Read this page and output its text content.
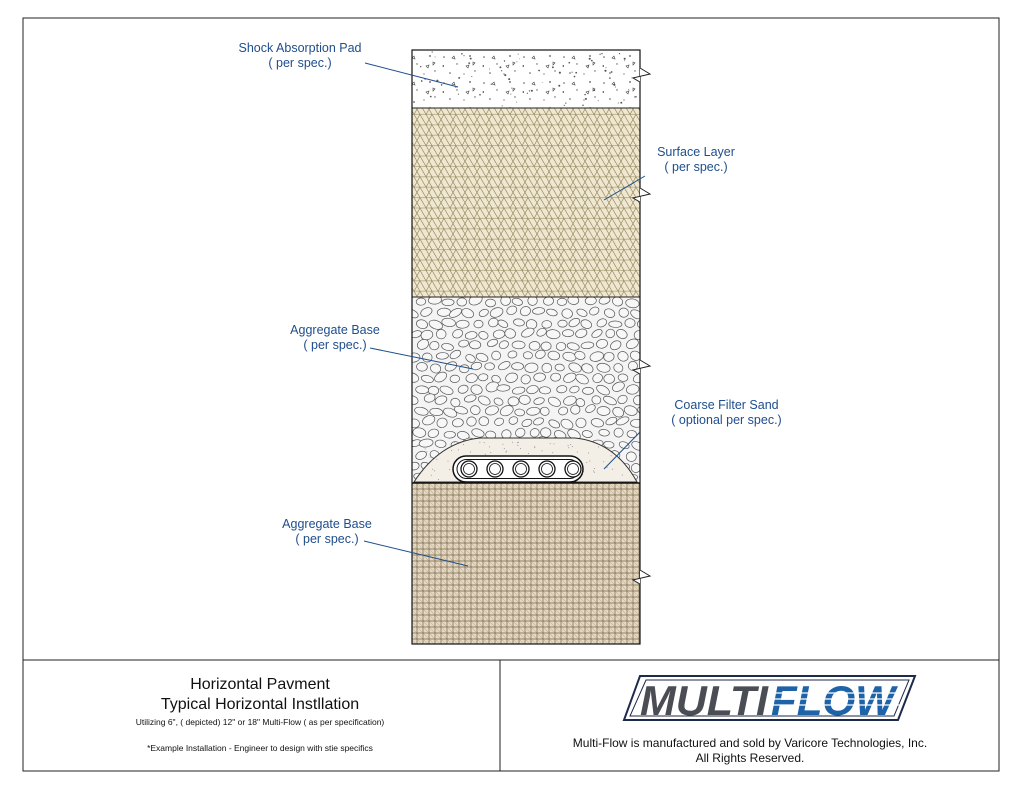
MULTI FLOW
Shock Absorption Pad
( per spec.)
Surface Layer
( per spec.)
Aggregate Base
( per spec.)
Coarse Filter Sand
( optional per spec.)
Aggregate Base
( per spec.)
Horizontal Pavment
Typical Horizontal Instllation
Utilizing 6", ( depicted) 12" or 18" Multi-Flow ( as per specification)
*Example Installation - Engineer to design with stie specifics	Multi-Flow is manufactured and sold by Varicore Technologies, Inc.
All Rights Reserved.
